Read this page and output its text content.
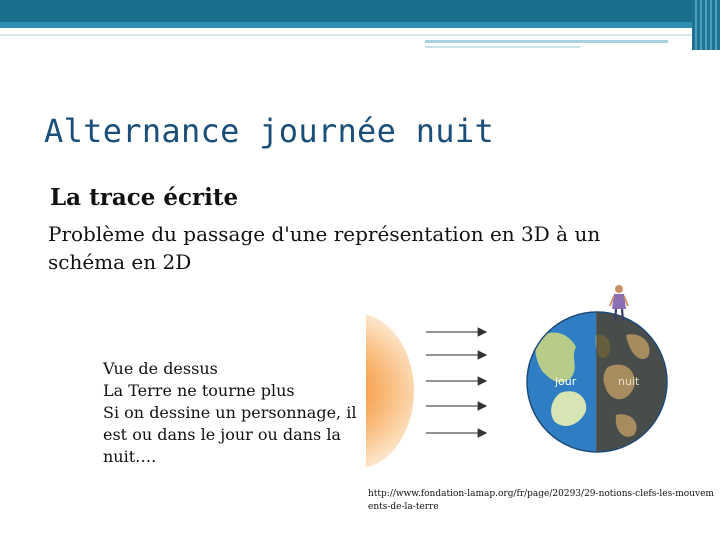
Alternance journée nuit
La trace écrite
Problème du passage d'une représentation en 3D à un schéma en 2D
Vue de dessus
La Terre ne tourne plus
Si on dessine un personnage, il
est ou dans le jour ou dans la
nuit….
jour	nuit
http://www.fondation-lamap.org/fr/page/20293/29-notions-clefs-les-mouvements-de-la-terre
